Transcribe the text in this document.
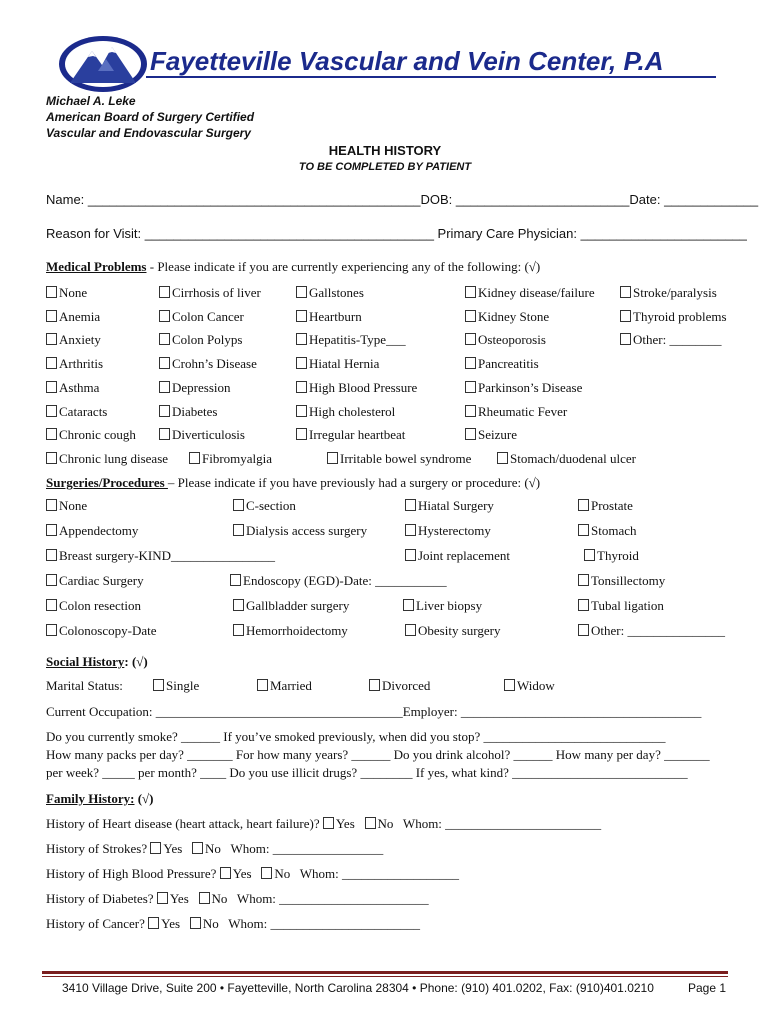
Fayetteville Vascular and Vein Center, P.A
Michael A. Leke
American Board of Surgery Certified
Vascular and Endovascular Surgery
HEALTH HISTORY
TO BE COMPLETED BY PATIENT
Name: ______________________________________________DOB: ________________________Date: _____________
Reason for Visit: ________________________________________ Primary Care Physician: _______________________
Medical Problems - Please indicate if you are currently experiencing any of the following: (√)
None	Cirrhosis of liver	Gallstones	Kidney disease/failure	Stroke/paralysis
Anemia	Colon Cancer	Heartburn	Kidney Stone	Thyroid problems
Anxiety	Colon Polyps	Hepatitis-Type___	Osteoporosis	Other: ________
Arthritis	Crohn’s Disease	Hiatal Hernia	Pancreatitis
Asthma	Depression	High Blood Pressure	Parkinson’s Disease
Cataracts	Diabetes	High cholesterol	Rheumatic Fever
Chronic cough	Diverticulosis	Irregular heartbeat	Seizure
Chronic lung disease	Fibromyalgia	Irritable bowel syndrome	Stomach/duodenal ulcer
Surgeries/Procedures – Please indicate if you have previously had a surgery or procedure: (√)
None	C-section	Hiatal Surgery	Prostate
Appendectomy	Dialysis access surgery	Hysterectomy	Stomach
Breast surgery-KIND________________	Joint replacement	Thyroid
Cardiac Surgery	Endoscopy (EGD)-Date: ___________	Tonsillectomy
Colon resection	Gallbladder surgery	Liver biopsy	Tubal ligation
Colonoscopy-Date	Hemorrhoidectomy	Obesity surgery	Other: _______________
Social History: (√)
Marital Status:	Single	Married	Divorced	Widow
Current Occupation: ______________________________________Employer: _____________________________________
Do you currently smoke? ______ If you’ve smoked previously, when did you stop? ____________________________
How many packs per day? _______ For how many years? ______ Do you drink alcohol? ______ How many per day? _______
per week? _____ per month? ____ Do you use illicit drugs? ________ If yes, what kind? ___________________________
Family History: (√)
History of Heart disease (heart attack, heart failure)? Yes No Whom: ________________________
History of Strokes? Yes No Whom: _________________
History of High Blood Pressure? Yes No Whom: __________________
History of Diabetes? Yes No Whom: _______________________
History of Cancer? Yes No Whom: _______________________
3410 Village Drive, Suite 200 • Fayetteville, North Carolina 28304 • Phone: (910) 401.0202, Fax: (910)401.0210	Page 1
